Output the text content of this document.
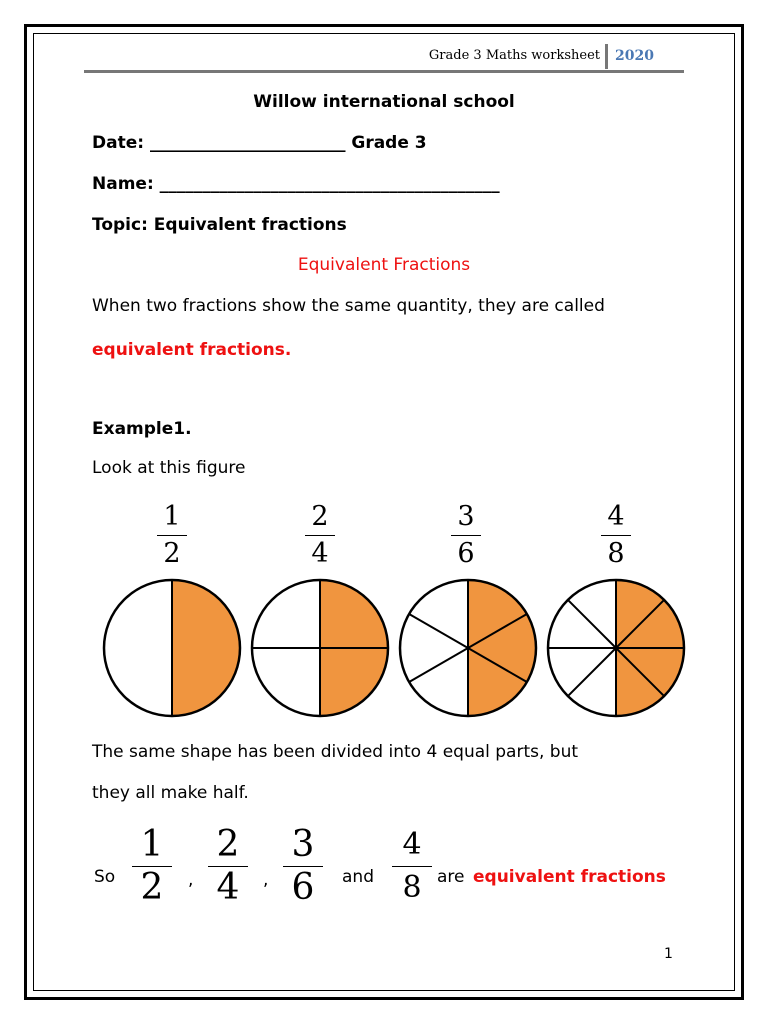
Grade 3 Maths worksheet 2020
Willow international school
Date: _______________________ Grade 3
Name: ________________________________________
Topic: Equivalent fractions
Equivalent Fractions
When two fractions show the same quantity, they are called
equivalent fractions.
Example1.
Look at this figure
1
2
2
4
3
6
4
8
The same shape has been divided into 4 equal parts, but
they all make half.
So
1
2	,
2
4	,
3
6	and
4
8 are equivalent fractions
1
